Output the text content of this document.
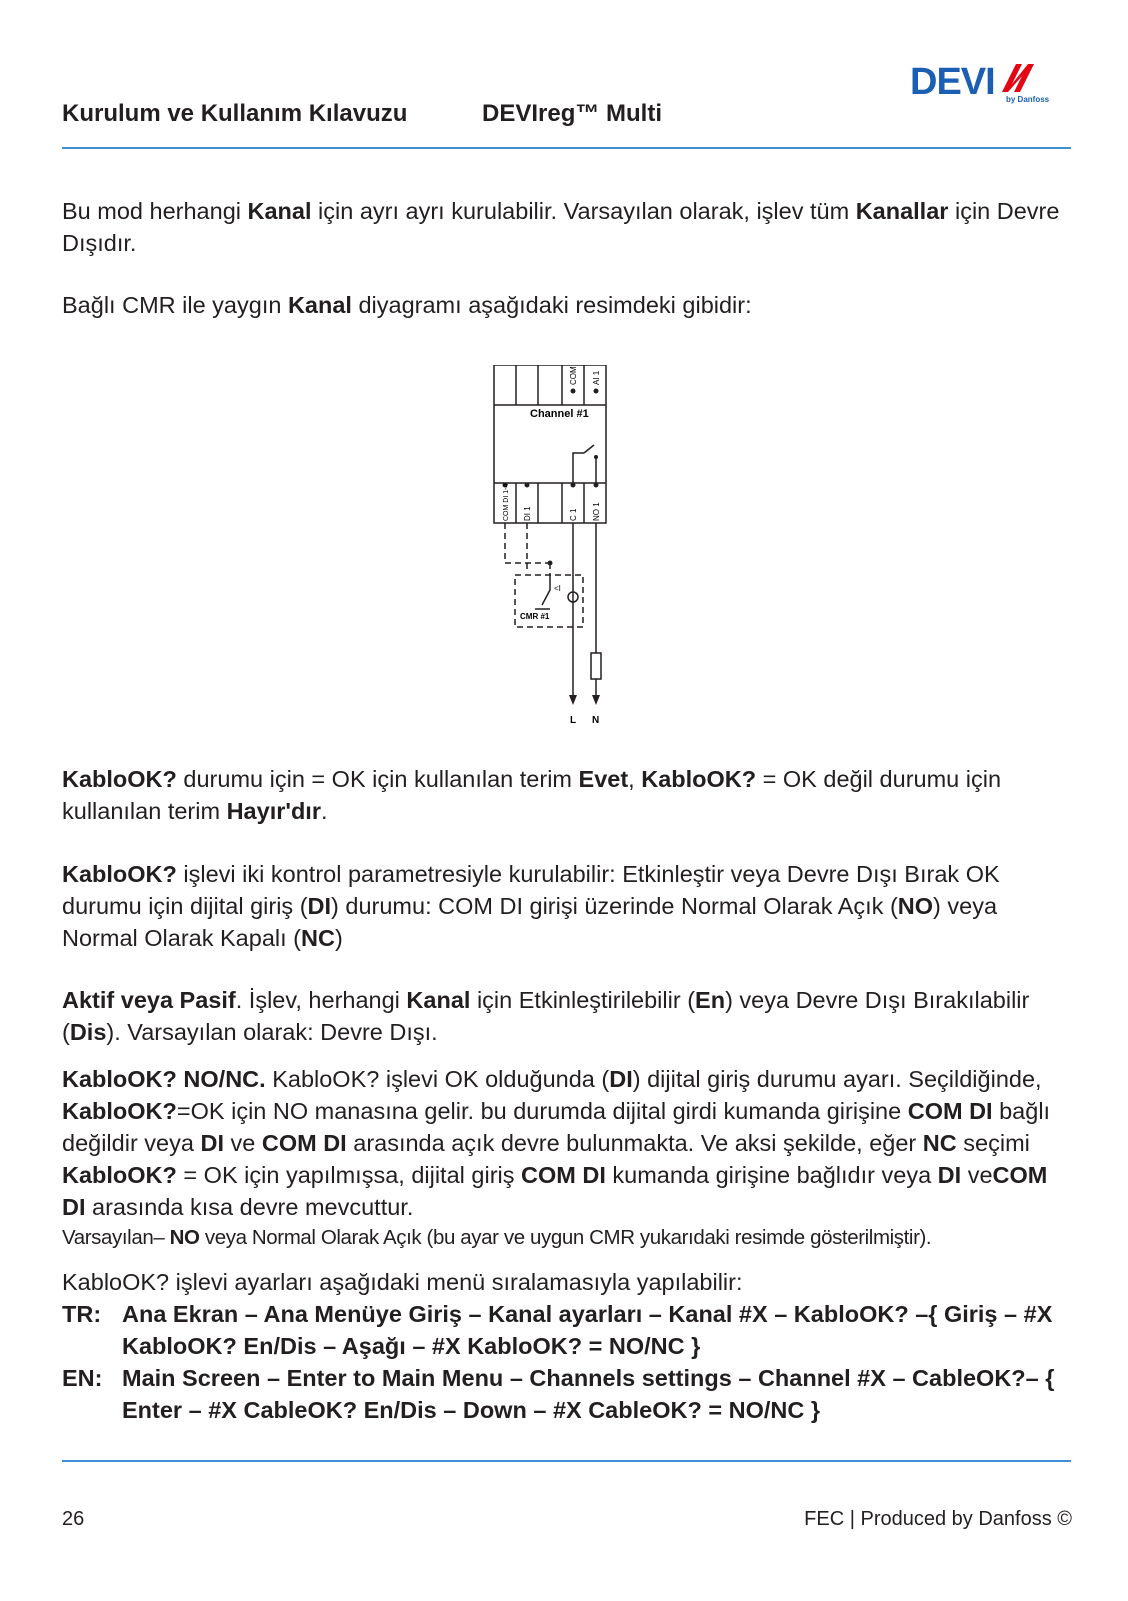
Kurulum ve Kullanım Kılavuzu	DEVIreg™ Multi
DEVI by Danfoss
Bu mod herhangi Kanal için ayrı ayrı kurulabilir. Varsayılan olarak, işlev tüm Kanallar için Devre Dışıdır.
Bağlı CMR ile yaygın Kanal diyagramı aşağıdaki resimdeki gibidir:
COM AI 1
COM DI 1-4 DI 1	C 1 NO 1
CMR #1
<I
Channel #1
L N
KabloOK? durumu için = OK için kullanılan terim Evet, KabloOK? = OK değil durumu için kullanılan terim Hayır'dır.
KabloOK? işlevi iki kontrol parametresiyle kurulabilir: Etkinleştir veya Devre Dışı Bırak OK durumu için dijital giriş (DI) durumu: COM DI girişi üzerinde Normal Olarak Açık (NO) veya Normal Olarak Kapalı (NC)
Aktif veya Pasif. İşlev, herhangi Kanal için Etkinleştirilebilir (En) veya Devre Dışı Bırakılabilir (Dis). Varsayılan olarak: Devre Dışı.
KabloOK? NO/NC. KabloOK? işlevi OK olduğunda (DI) dijital giriş durumu ayarı. Seçildiğinde, KabloOK?=OK için NO manasına gelir. bu durumda dijital girdi kumanda girişine COM DI bağlı değildir veya DI ve COM DI arasında açık devre bulunmakta. Ve aksi şekilde, eğer NC seçimi KabloOK? = OK için yapılmışsa, dijital giriş COM DI kumanda girişine bağlıdır veya DI veCOM DI arasında kısa devre mevcuttur.
Varsayılan– NO veya Normal Olarak Açık (bu ayar ve uygun CMR yukarıdaki resimde gösterilmiştir).
KabloOK? işlevi ayarları aşağıdaki menü sıralamasıyla yapılabilir:
TR: Ana Ekran – Ana Menüye Giriş – Kanal ayarları – Kanal #X – KabloOK? –{ Giriş – #X KabloOK? En/Dis – Aşağı – #X KabloOK? = NO/NC }
EN: Main Screen – Enter to Main Menu – Channels settings – Channel #X – CableOK?– { Enter – #X CableOK? En/Dis – Down – #X CableOK? = NO/NC }
26	FEC | Produced by Danfoss ©
